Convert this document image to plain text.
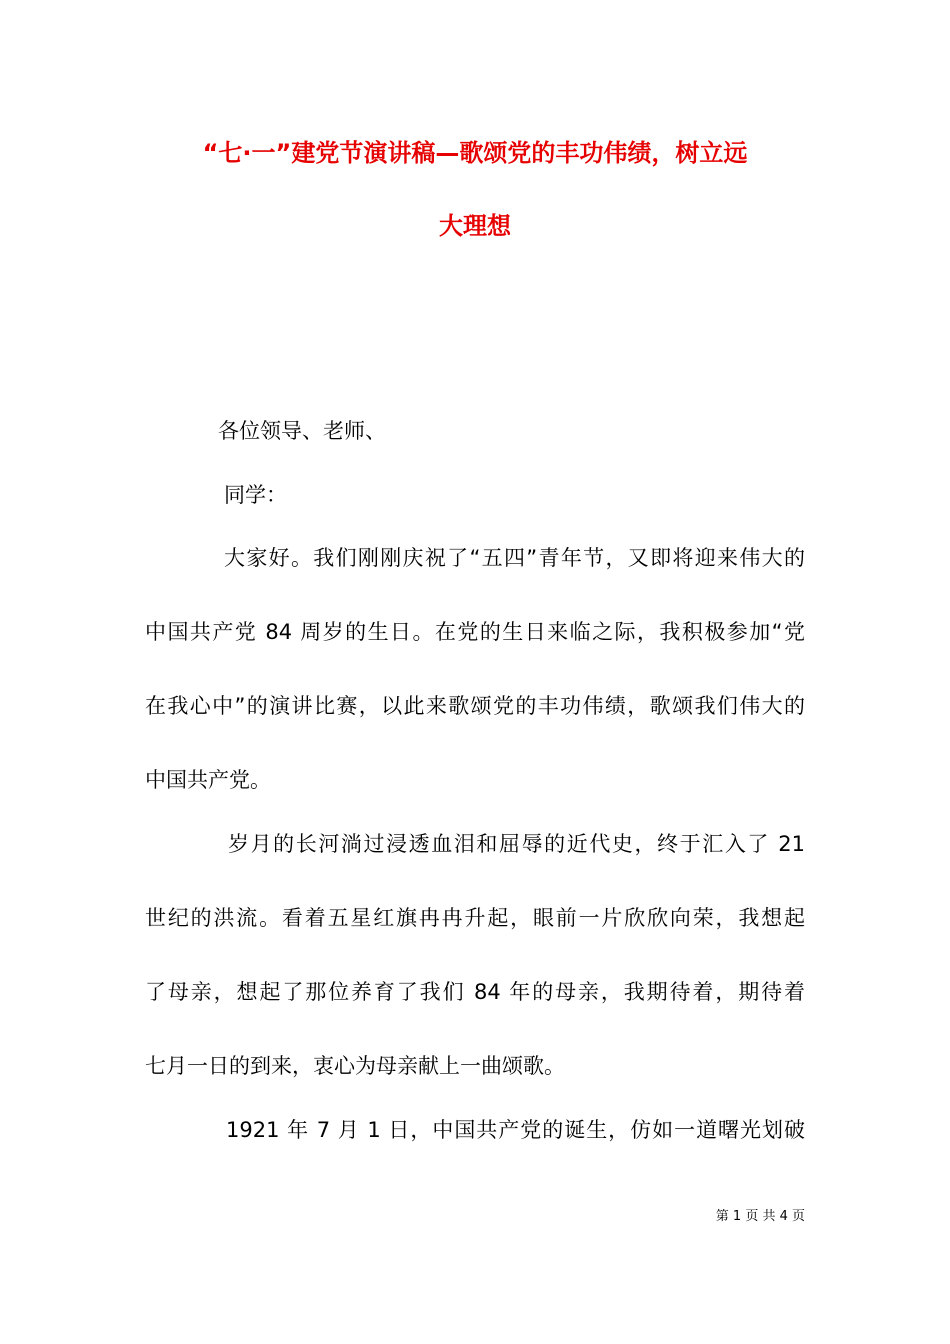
“七·一”建党节演讲稿—歌颂党的丰功伟绩，树立远
大理想
各位领导、老师、
同学：
大家好。我们刚刚庆祝了“五四”青年节，又即将迎来伟大的
中国共产党 84 周岁的生日。在党的生日来临之际，我积极参加“党
在我心中”的演讲比赛，以此来歌颂党的丰功伟绩，歌颂我们伟大的
中国共产党。
岁月的长河淌过浸透血泪和屈辱的近代史，终于汇入了 21
世纪的洪流。看着五星红旗冉冉升起，眼前一片欣欣向荣，我想起
了母亲，想起了那位养育了我们 84 年的母亲，我期待着，期待着
七月一日的到来，衷心为母亲献上一曲颂歌。
1921 年 7 月 1 日，中国共产党的诞生，仿如一道曙光划破
第 1 页 共 4 页
